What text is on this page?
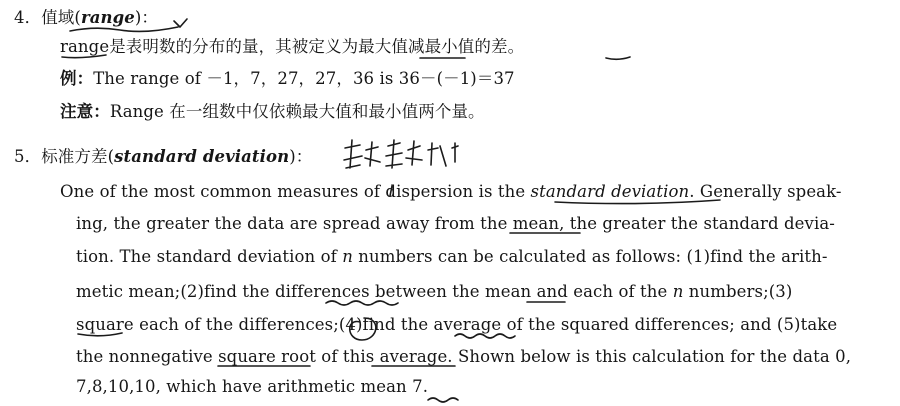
4．值域(range)：
range是表明数的分布的量，其被定义为最大值减最小值的差。
例：The range of －1，7，27，27，36 is 36－(－1)＝37
注意：Range 在一组数中仅依赖最大值和最小值两个量。
5．标准方差(standard deviation)：
One of the most common measures of dispersion is the standard deviation. Generally speak-
ing, the greater the data are spread away from the mean, the greater the standard devia-
tion. The standard deviation of n numbers can be calculated as follows: (1)find the arith-
metic mean;(2)find the differences between the mean and each of the n numbers;(3)
square each of the differences;(4)find the average of the squared differences; and (5)take
the nonnegative square root of this average. Shown below is this calculation for the data 0,
7,8,10,10, which have arithmetic mean 7.
